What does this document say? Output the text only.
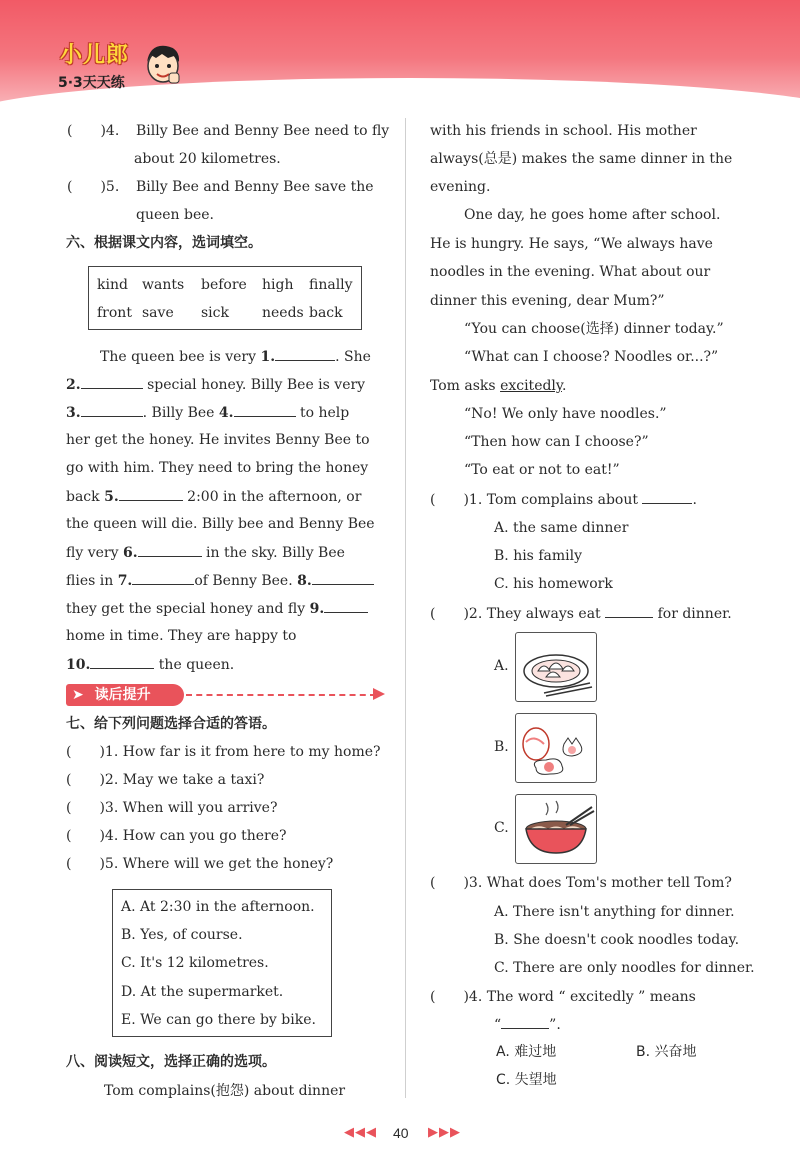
小儿郎
5·3天天练
(　　)4. Billy Bee and Benny Bee need to fly
about 20 kilometres.
(　　)5. Billy Bee and Benny Bee save the
queen bee.
六、根据课文内容，选词填空。
kind wants before high finally
front save sick needs back
The queen bee is very 1.	. She
2.	special honey. Billy Bee is very
3.	. Billy Bee 4.	to help
her get the honey. He invites Benny Bee to
go with him. They need to bring the honey
back 5.	2:00 in the afternoon, or
the queen will die. Billy bee and Benny Bee
fly very 6.	in the sky. Billy Bee
flies in 7.	of Benny Bee. 8.
they get the special honey and fly 9.
home in time. They are happy to
10.	the queen.
➤ 读后提升
七、给下列问题选择合适的答语。
(　　)1. How far is it from here to my home?
(　　)2. May we take a taxi?
(　　)3. When will you arrive?
(　　)4. How can you go there?
(　　)5. Where will we get the honey?
A. At 2:30 in the afternoon.
B. Yes, of course.
C. It's 12 kilometres.
D. At the supermarket.
E. We can go there by bike.
八、阅读短文，选择正确的选项。
Tom complains(抱怨) about dinner
with his friends in school. His mother
always(总是) makes the same dinner in the
evening.
One day, he goes home after school.
He is hungry. He says, “We always have
noodles in the evening. What about our
dinner this evening, dear Mum?”
“You can choose(选择) dinner today.”
“What can I choose? Noodles or...?”
Tom asks excitedly.
“No! We only have noodles.”
“Then how can I choose?”
“To eat or not to eat!”
(　　)1. Tom complains about	.
A. the same dinner
B. his family
C. his homework
(　　)2. They always eat	for dinner.
A.
B.
C.
(　　)3. What does Tom's mother tell Tom?
A. There isn't anything for dinner.
B. She doesn't cook noodles today.
C. There are only noodles for dinner.
(　　)4. The word “ excitedly ” means
“	”.
A. 难过地	B. 兴奋地
C. 失望地
◀◀◀ 40 ▶▶▶
